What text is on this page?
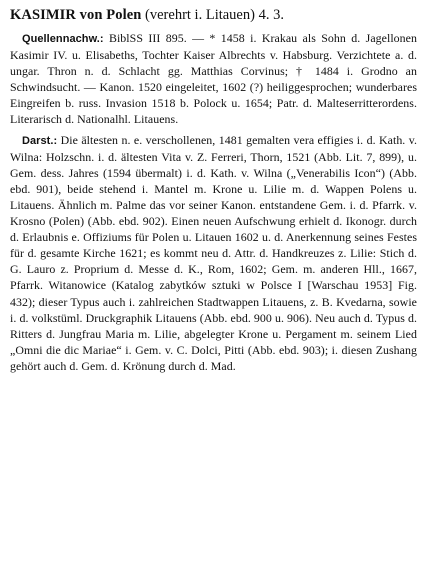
KASIMIR von Polen (verehrt i. Litauen) 4. 3.

Quellennachw.: BiblSS III 895. — * 1458 i. Krakau als Sohn d. Jagellonen Kasimir IV. u. Elisabeths, Tochter Kaiser Albrechts v. Habsburg. Verzichtete a. d. ungar. Thron n. d. Schlacht gg. Matthias Corvinus; † 1484 i. Grodno an Schwindsucht. — Kanon. 1520 eingeleitet, 1602 (?) heiliggesprochen; wunderbares Eingreifen b. russ. Invasion 1518 b. Polock u. 1654; Patr. d. Malteserritterordens. Literarisch d. Nationalhl. Litauens.

Darst.: Die ältesten n. e. verschollenen, 1481 gemalten vera effigies i. d. Kath. v. Wilna: Holzschn. i. d. ältesten Vita v. Z. Ferreri, Thorn, 1521 (Abb. Lit. 7, 899), u. Gem. dess. Jahres (1594 übermalt) i. d. Kath. v. Wilna („Venerabilis Icon“) (Abb. ebd. 901), beide stehend i. Mantel m. Krone u. Lilie m. d. Wappen Polens u. Litauens. Ähnlich m. Palme das vor seiner Kanon. entstandene Gem. i. d. Pfarrk. v. Krosno (Polen) (Abb. ebd. 902). Einen neuen Aufschwung erhielt d. Ikonogr. durch d. Erlaubnis e. Offiziums für Polen u. Litauen 1602 u. d. Anerkennung seines Festes für d. gesamte Kirche 1621; es kommt neu d. Attr. d. Handkreuzes z. Lilie: Stich d. G. Lauro z. Proprium d. Messe d. K., Rom, 1602; Gem. m. anderen Hll., 1667, Pfarrk. Witanowice (Katalog zabytków sztuki w Polsce I [Warschau 1953] Fig. 432); dieser Typus auch i. zahlreichen Stadtwappen Litauens, z. B. Kvedarna, sowie i. d. volkstüml. Druckgraphik Litauens (Abb. ebd. 900 u. 906). Neu auch d. Typus d. Ritters d. Jungfrau Maria m. Lilie, abgelegter Krone u. Pergament m. seinem Lied „Omni die dic Mariae“ i. Gem. v. C. Dolci, Pitti (Abb. ebd. 903); i. diesen Zushang gehört auch d. Gem. d. Krönung durch d. Mad.
